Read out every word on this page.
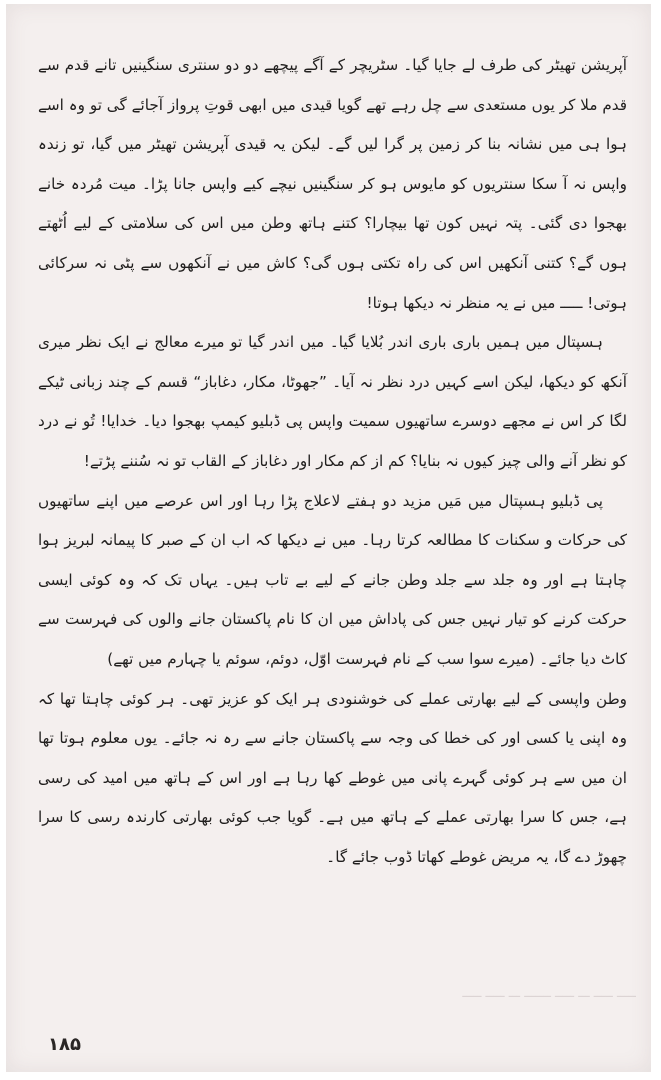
آپریشن تھیٹر کی طرف لے جایا گیا۔ سٹریچر کے آگے پیچھے دو دو سنتری سنگینیں تانے قدم سے قدم ملا کر یوں مستعدی سے چل رہے تھے گویا قیدی میں ابھی قوتِ پرواز آجائے گی تو وہ اسے ہوا ہی میں نشانہ بنا کر زمین پر گرا لیں گے۔ لیکن یہ قیدی آپریشن تھیٹر میں گیا، تو زندہ واپس نہ آ سکا سنتریوں کو مایوس ہو کر سنگینیں نیچے کیے واپس جانا پڑا۔ میت مُردہ خانے بھجوا دی گئی۔ پتہ نہیں کون تھا بیچارا؟ کتنے ہاتھ وطن میں اس کی سلامتی کے لیے اُٹھتے ہوں گے؟ کتنی آنکھیں اس کی راہ تکتی ہوں گی؟ کاش میں نے آنکھوں سے پٹی نہ سرکائی ہوتی! ـــــ میں نے یہ منظر نہ دیکھا ہوتا!

ہسپتال میں ہمیں باری باری اندر بُلایا گیا۔ میں اندر گیا تو میرے معالج نے ایک نظر میری آنکھ کو دیکھا، لیکن اسے کہیں درد نظر نہ آیا۔ ”جھوٹا، مکار، دغاباز“ قسم کے چند زبانی ٹیکے لگا کر اس نے مجھے دوسرے ساتھیوں سمیت واپس پی ڈبلیو کیمپ بھجوا دیا۔ خدایا! تُو نے درد کو نظر آنے والی چیز کیوں نہ بنایا؟ کم از کم مکار اور دغاباز کے القاب تو نہ سُننے پڑتے!

پی ڈبلیو ہسپتال میں مَیں مزید دو ہفتے لاعلاج پڑا رہا اور اس عرصے میں اپنے ساتھیوں کی حرکات و سکنات کا مطالعہ کرتا رہا۔ میں نے دیکھا کہ اب ان کے صبر کا پیمانہ لبریز ہوا چاہتا ہے اور وہ جلد سے جلد وطن جانے کے لیے بے تاب ہیں۔ یہاں تک کہ وہ کوئی ایسی حرکت کرنے کو تیار نہیں جس کی پاداش میں ان کا نام پاکستان جانے والوں کی فہرست سے کاٹ دیا جائے۔ (میرے سوا سب کے نام فہرست اوّل، دوئم، سوئم یا چہارم میں تھے)

وطن واپسی کے لیے بھارتی عملے کی خوشنودی ہر ایک کو عزیز تھی۔ ہر کوئی چاہتا تھا کہ وہ اپنی یا کسی اور کی خطا کی وجہ سے پاکستان جانے سے رہ نہ جائے۔ یوں معلوم ہوتا تھا ان میں سے ہر کوئی گہرے پانی میں غوطے کھا رہا ہے اور اس کے ہاتھ میں امید کی رسی ہے، جس کا سرا بھارتی عملے کے ہاتھ میں ہے۔ گویا جب کوئی بھارتی کارندہ رسی کا سرا چھوڑ دے گا، یہ مریض غوطے کھاتا ڈوب جائے گا۔

ـــــ ـــــ ـــ ـــــ ـــــــ ـــ ـــــ ـــــ
۱۸۵
